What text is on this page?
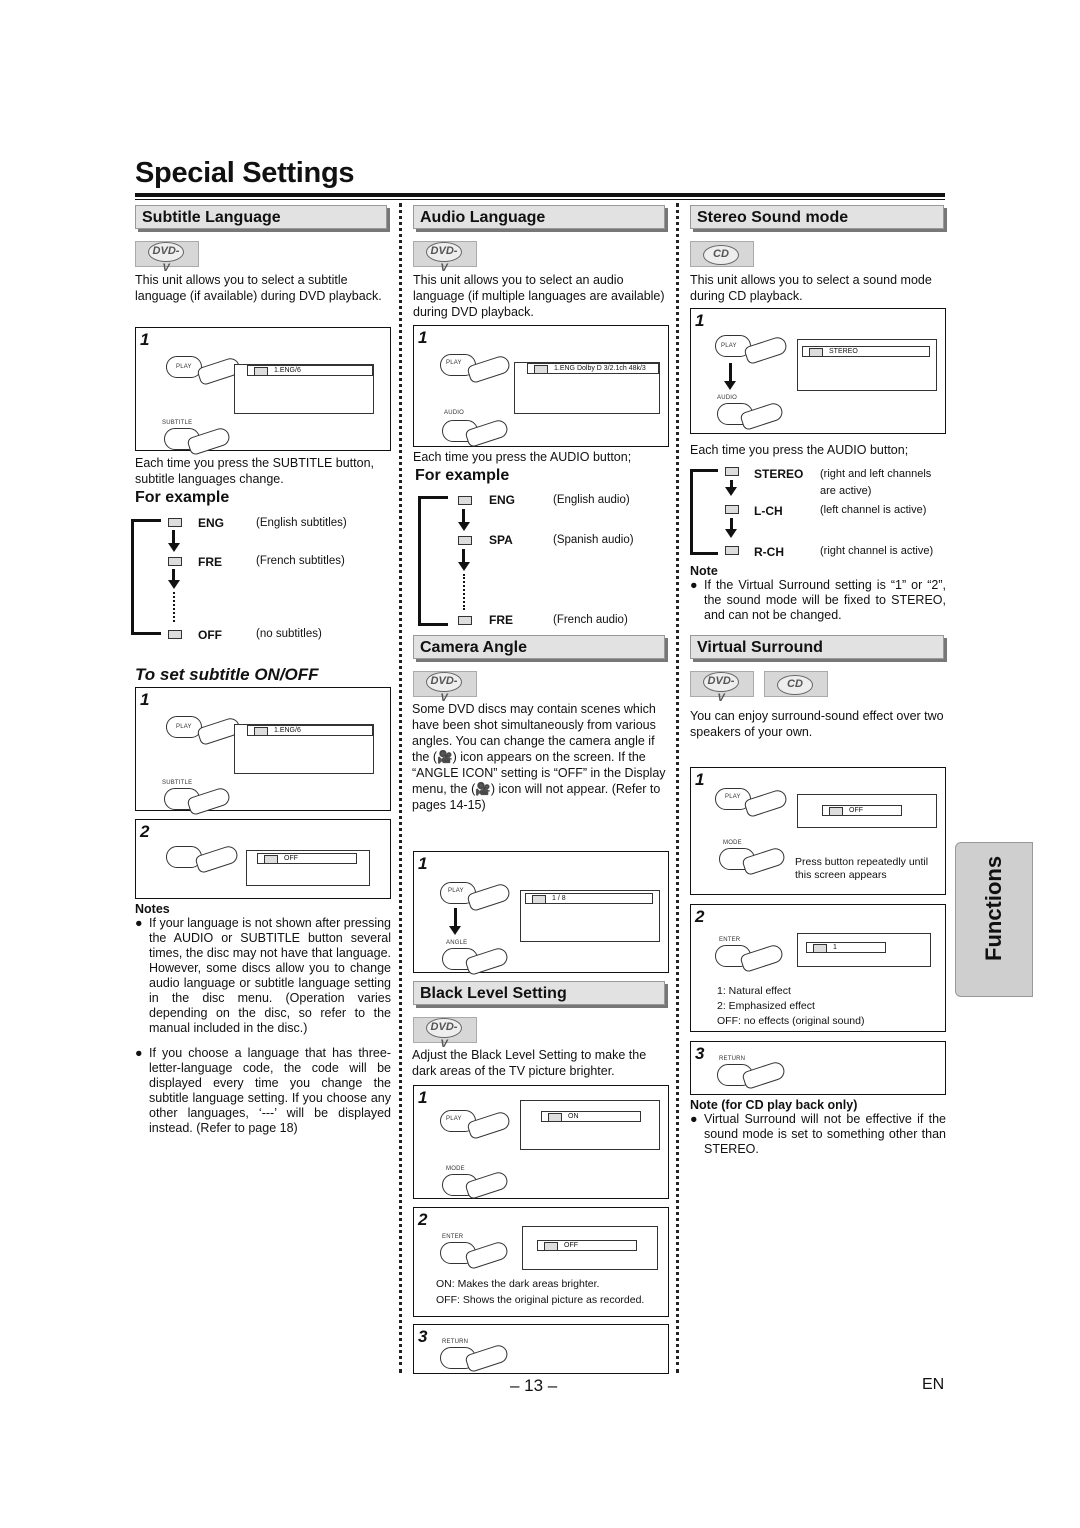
Special Settings
Subtitle Language
DVD-V
This unit allows you to select a subtitle language (if available) during DVD playback.
1
PLAY	1.ENG/6
SUBTITLE
Each time you press the SUBTITLE button, subtitle languages change.
For example
ENG	(English subtitles)
FRE	(French subtitles)
OFF	(no subtitles)
To set subtitle ON/OFF
1
PLAY	1.ENG/6
SUBTITLE
2
OFF
Notes
● If your language is not shown after pressing the AUDIO or SUBTITLE button several times, the disc may not have that language. However, some discs allow you to change audio language or subtitle language setting in the disc menu. (Operation varies depending on the disc, so refer to the manual included in the disc.)
● If you choose a language that has three-letter-language code, the code will be displayed every time you change the subtitle language setting. If you choose any other languages, ‘---’ will be displayed instead. (Refer to page 18)
Audio Language
DVD-V
This unit allows you to select an audio language (if multiple languages are available) during DVD playback.
1
PLAY
1.ENG Dolby D 3/2.1ch 48k/3
AUDIO
Each time you press the AUDIO button;
For example
ENG	(English audio)
SPA	(Spanish audio)
FRE	(French audio)
Camera Angle
DVD-V
Some DVD discs may contain scenes which have been shot simultaneously from various angles. You can change the camera angle if the (🎥) icon appears on the screen. If the “ANGLE ICON” setting is “OFF” in the Display menu, the (🎥) icon will not appear. (Refer to pages 14-15)
1
PLAY
1 / 8
ANGLE
Black Level Setting
DVD-V
Adjust the Black Level Setting to make the dark areas of the TV picture brighter.
1
PLAY	ON
MODE
2
ENTER
OFF
ON: Makes the dark areas brighter.
OFF: Shows the original picture as recorded.
3 RETURN
Stereo Sound mode
CD
This unit allows you to select a sound mode during CD playback.
1
PLAY
STEREO
AUDIO
Each time you press the AUDIO button;
STEREO (right and left channels are active)
L-CH	(left channel is active)
R-CH	(right channel is active)
Note
● If the Virtual Surround setting is “1” or “2”, the sound mode will be fixed to STEREO, and can not be changed.
Virtual Surround
DVD-V
CD
You can enjoy surround-sound effect over two speakers of your own.
1
PLAY
OFF
MODE
Press button repeatedly until this screen appears
2
ENTER
1
1: Natural effect
2: Emphasized effect
OFF: no effects (original sound)
3 RETURN
Note (for CD play back only)
● Virtual Surround will not be effective if the sound mode is set to something other than STEREO.
Functions
– 13 –	EN
